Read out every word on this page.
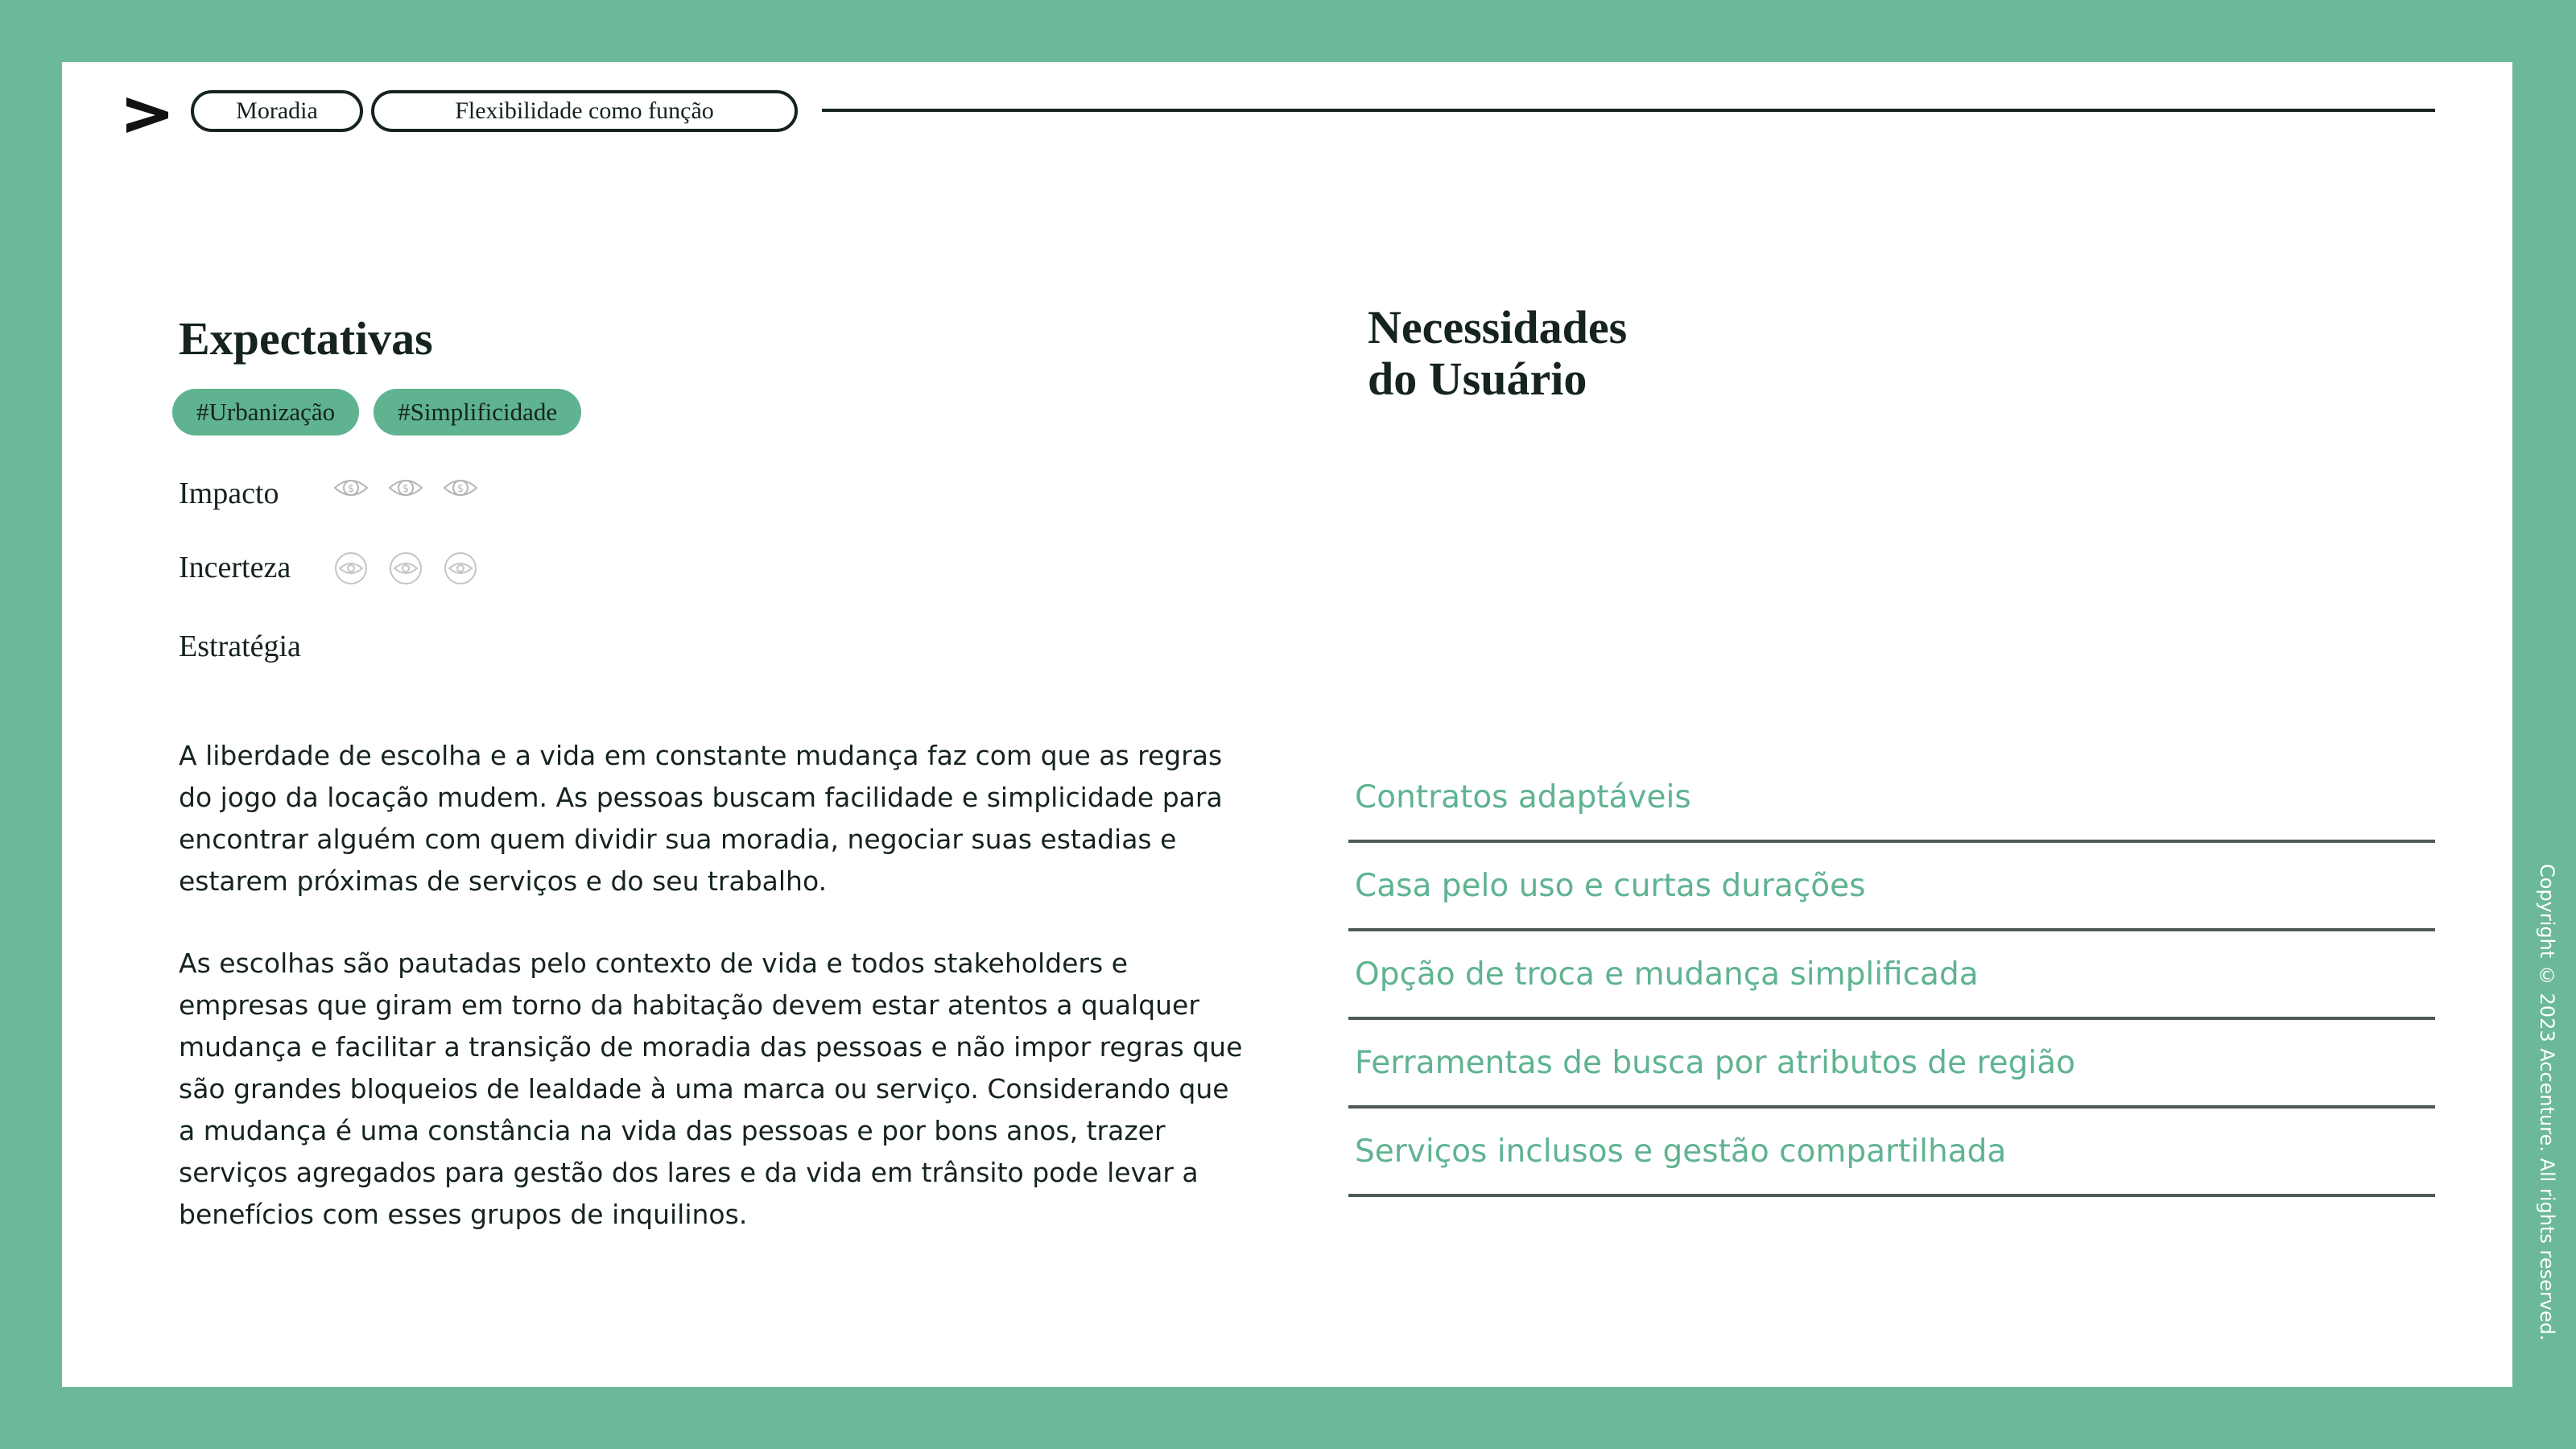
Moradia	Flexibilidade como função
Expectativas
#Urbanização	#Simplificidade
Impacto	$	$	$
Incerteza
Estratégia

A liberdade de escolha e a vida em constante mudança faz com que as regras do jogo da locação mudem. As pessoas buscam facilidade e simplicidade para encontrar alguém com quem dividir sua moradia, negociar suas estadias e estarem próximas de serviços e do seu trabalho.

As escolhas são pautadas pelo contexto de vida e todos stakeholders e empresas que giram em torno da habitação devem estar atentos a qualquer mudança e facilitar a transição de moradia das pessoas e não impor regras que são grandes bloqueios de lealdade à uma marca ou serviço. Considerando que a mudança é uma constância na vida das pessoas e por bons anos, trazer serviços agregados para gestão dos lares e da vida em trânsito pode levar a benefícios com esses grupos de inquilinos.

Necessidades
do Usuário
Contratos adaptáveis
Casa pelo uso e curtas durações
Opção de troca e mudança simplificada
Ferramentas de busca por atributos de região
Serviços inclusos e gestão compartilhada	Copyright © 2023 Accenture. All rights reserved.
